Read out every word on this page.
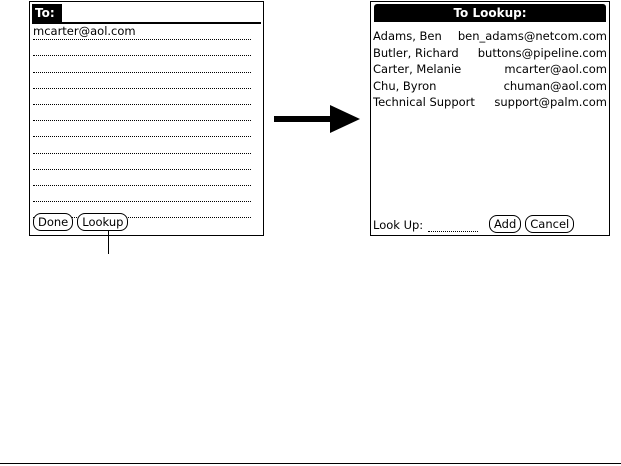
To:
mcarter@aol.com
Done	Lookup
To Lookup:
Adams, Ben ben_adams@netcom.com
Butler, Richard buttons@pipeline.com
Carter, Melanie	mcarter@aol.com
Chu, Byron	chuman@aol.com
Technical Support support@palm.com
Look Up:	Add	Cancel
